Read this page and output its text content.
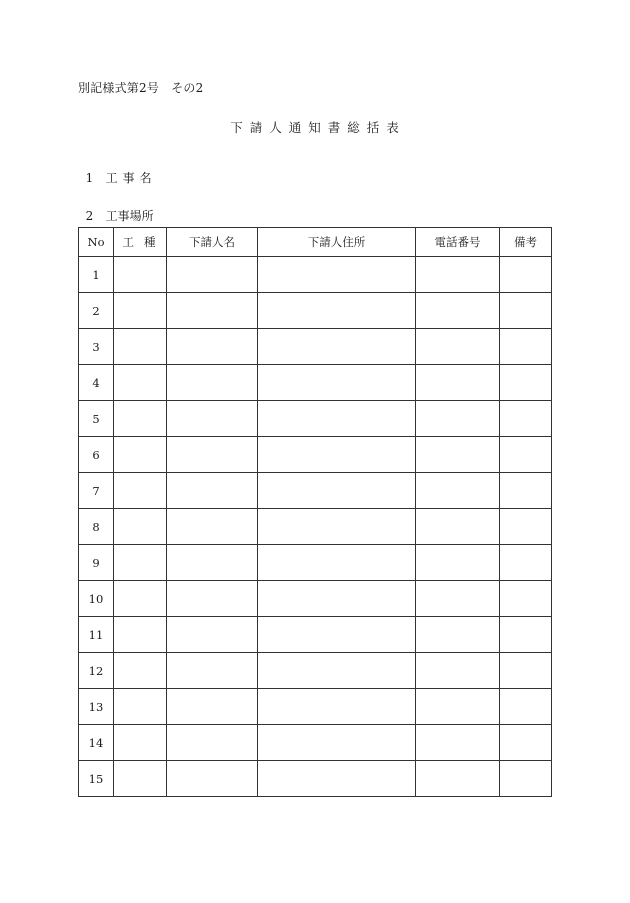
別記様式第2号　その2
下請人通知書総括表

1 工事名

2 工事場所

No	工種	下請人名	下請人住所	電話番号	備考
1					
2					
3					
4					
5					
6					
7					
8					
9					
10					
11					
12					
13					
14					
15					
